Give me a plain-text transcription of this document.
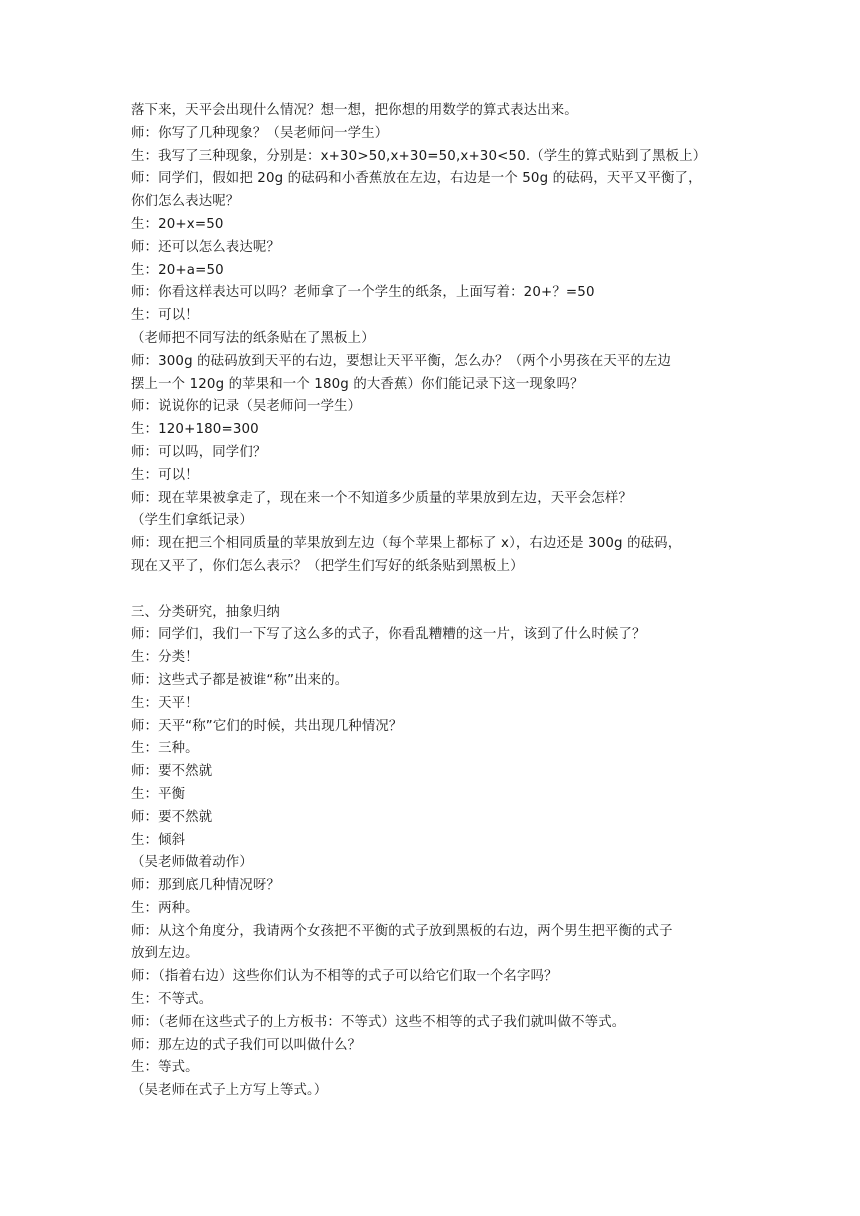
落下来，天平会出现什么情况？想一想，把你想的用数学的算式表达出来。
师：你写了几种现象？（吴老师问一学生）
生：我写了三种现象，分别是：x+30>50,x+30=50,x+30<50.（学生的算式贴到了黑板上）
师：同学们，假如把 20g 的砝码和小香蕉放在左边，右边是一个 50g 的砝码，天平又平衡了，
你们怎么表达呢？
生：20+x=50
师：还可以怎么表达呢？
生：20+a=50
师：你看这样表达可以吗？老师拿了一个学生的纸条，上面写着：20+？=50
生：可以！
（老师把不同写法的纸条贴在了黑板上）
师：300g 的砝码放到天平的右边，要想让天平平衡，怎么办？（两个小男孩在天平的左边
摆上一个 120g 的苹果和一个 180g 的大香蕉）你们能记录下这一现象吗？
师：说说你的记录（吴老师问一学生）
生：120+180=300
师：可以吗，同学们？
生：可以！
师：现在苹果被拿走了，现在来一个不知道多少质量的苹果放到左边，天平会怎样？
（学生们拿纸记录）
师：现在把三个相同质量的苹果放到左边（每个苹果上都标了 x），右边还是 300g 的砝码，
现在又平了，你们怎么表示？（把学生们写好的纸条贴到黑板上）
三、分类研究，抽象归纳
师：同学们，我们一下写了这么多的式子，你看乱糟糟的这一片，该到了什么时候了？
生：分类！
师：这些式子都是被谁“称”出来的。
生：天平！
师：天平“称”它们的时候，共出现几种情况？
生：三种。
师：要不然就
生：平衡
师：要不然就
生：倾斜
（吴老师做着动作）
师：那到底几种情况呀？
生：两种。
师：从这个角度分，我请两个女孩把不平衡的式子放到黑板的右边，两个男生把平衡的式子
放到左边。
师：（指着右边）这些你们认为不相等的式子可以给它们取一个名字吗？
生：不等式。
师：（老师在这些式子的上方板书：不等式）这些不相等的式子我们就叫做不等式。
师：那左边的式子我们可以叫做什么？
生：等式。
（吴老师在式子上方写上等式。）
